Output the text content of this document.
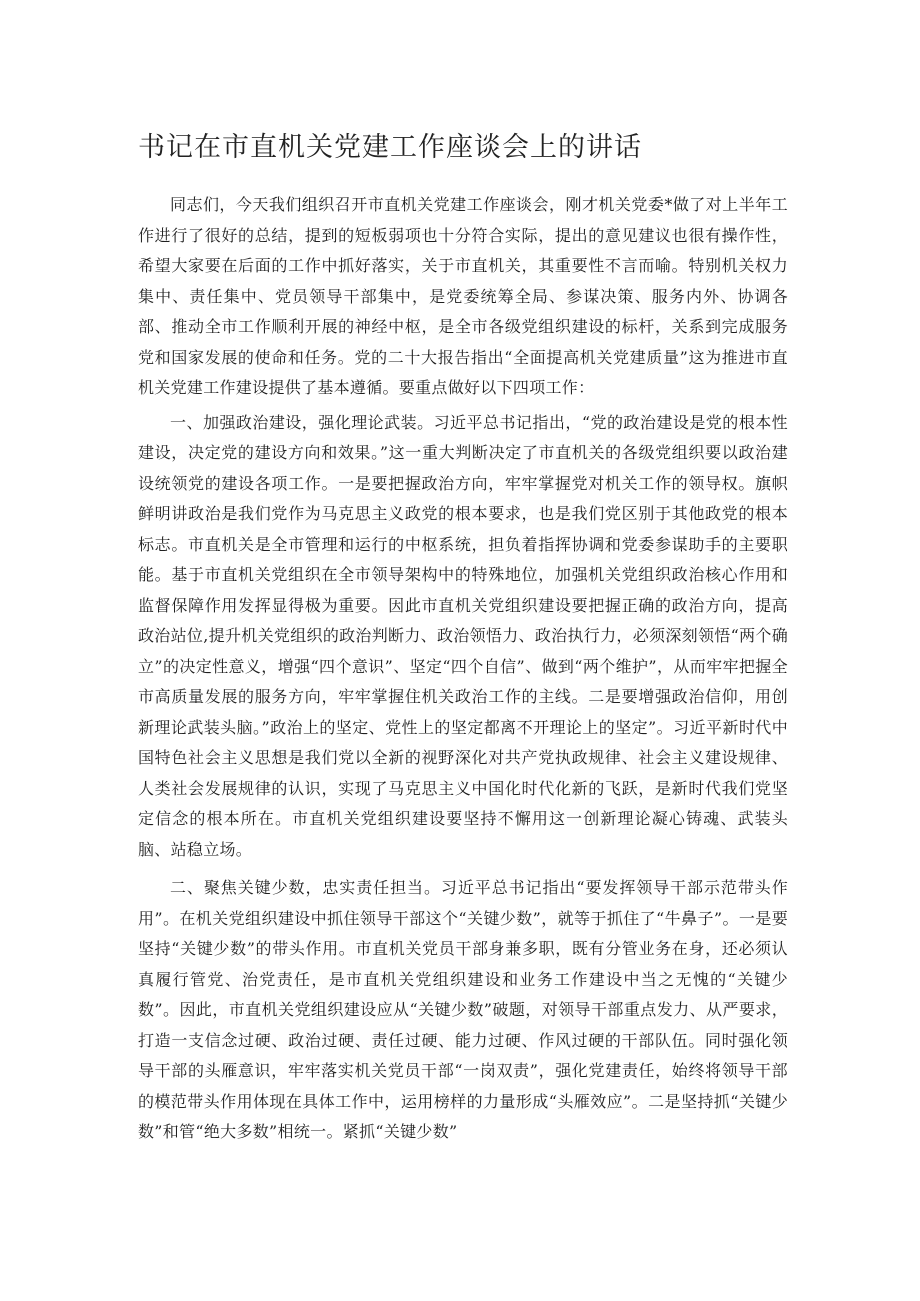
书记在市直机关党建工作座谈会上的讲话

同志们，今天我们组织召开市直机关党建工作座谈会，刚才机关党委*做了对上半年工作进行了很好的总结，提到的短板弱项也十分符合实际，提出的意见建议也很有操作性，希望大家要在后面的工作中抓好落实，关于市直机关，其重要性不言而喻。特别机关权力集中、责任集中、党员领导干部集中，是党委统筹全局、参谋决策、服务内外、协调各部、推动全市工作顺利开展的神经中枢，是全市各级党组织建设的标杆，关系到完成服务党和国家发展的使命和任务。党的二十大报告指出“全面提高机关党建质量”这为推进市直机关党建工作建设提供了基本遵循。要重点做好以下四项工作：

一、加强政治建设，强化理论武装。习近平总书记指出，“党的政治建设是党的根本性建设，决定党的建设方向和效果。”这一重大判断决定了市直机关的各级党组织要以政治建设统领党的建设各项工作。一是要把握政治方向，牢牢掌握党对机关工作的领导权。旗帜鲜明讲政治是我们党作为马克思主义政党的根本要求，也是我们党区别于其他政党的根本标志。市直机关是全市管理和运行的中枢系统，担负着指挥协调和党委参谋助手的主要职能。基于市直机关党组织在全市领导架构中的特殊地位，加强机关党组织政治核心作用和监督保障作用发挥显得极为重要。因此市直机关党组织建设要把握正确的政治方向，提高政治站位,提升机关党组织的政治判断力、政治领悟力、政治执行力，必须深刻领悟“两个确立”的决定性意义，增强“四个意识”、坚定“四个自信”、做到“两个维护”，从而牢牢把握全市高质量发展的服务方向，牢牢掌握住机关政治工作的主线。二是要增强政治信仰，用创新理论武装头脑。”政治上的坚定、党性上的坚定都离不开理论上的坚定”。习近平新时代中国特色社会主义思想是我们党以全新的视野深化对共产党执政规律、社会主义建设规律、人类社会发展规律的认识，实现了马克思主义中国化时代化新的飞跃，是新时代我们党坚定信念的根本所在。市直机关党组织建设要坚持不懈用这一创新理论凝心铸魂、武装头脑、站稳立场。

二、聚焦关键少数，忠实责任担当。习近平总书记指出“要发挥领导干部示范带头作用”。在机关党组织建设中抓住领导干部这个“关键少数”，就等于抓住了“牛鼻子”。一是要坚持“关键少数”的带头作用。市直机关党员干部身兼多职，既有分管业务在身，还必须认真履行管党、治党责任，是市直机关党组织建设和业务工作建设中当之无愧的“关键少数”。因此，市直机关党组织建设应从“关键少数”破题，对领导干部重点发力、从严要求，打造一支信念过硬、政治过硬、责任过硬、能力过硬、作风过硬的干部队伍。同时强化领导干部的头雁意识，牢牢落实机关党员干部“一岗双责”，强化党建责任，始终将领导干部的模范带头作用体现在具体工作中，运用榜样的力量形成“头雁效应”。二是坚持抓“关键少数”和管“绝大多数”相统一。紧抓“关键少数”
